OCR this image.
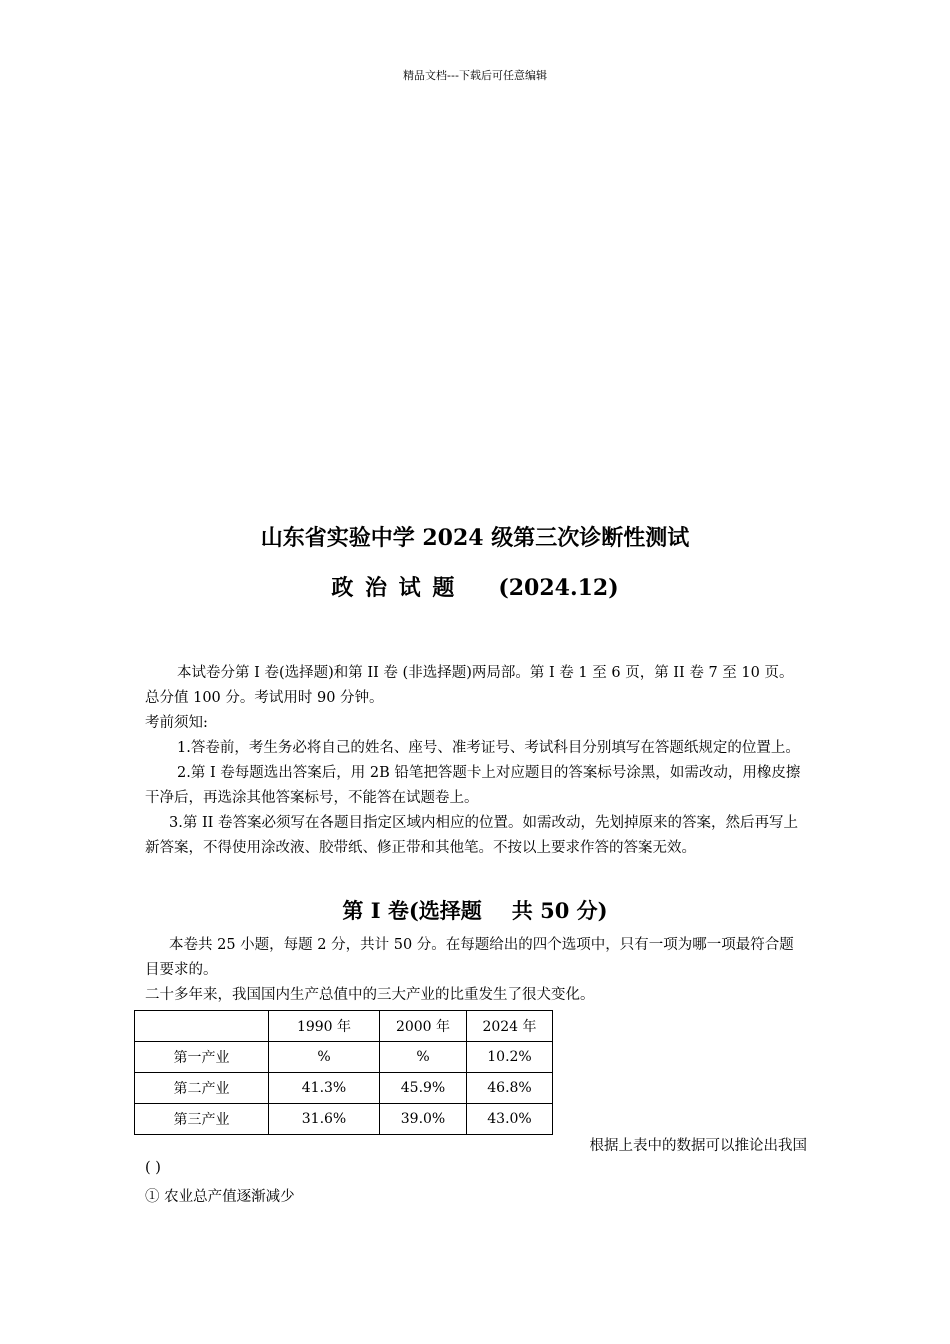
精品文档---下载后可任意编辑
山东省实验中学 2024 级第三次诊断性测试
政 治 试 题 (2024.12)

本试卷分第 I 卷(选择题)和第 II 卷 (非选择题)两局部。第 I 卷 1 至 6 页，第 II 卷 7 至 10 页。总分值 100 分。考试用时 90 分钟。

考前须知:

1.答卷前，考生务必将自己的姓名、座号、准考证号、考试科目分别填写在答题纸规定的位置上。

2.第 I 卷每题选出答案后，用 2B 铅笔把答题卡上对应题目的答案标号涂黑，如需改动，用橡皮擦干净后，再选涂其他答案标号，不能答在试题卷上。

3.第 II 卷答案必须写在各题目指定区域内相应的位置。如需改动，先划掉原来的答案，然后再写上新答案，不得使用涂改液、胶带纸、修正带和其他笔。不按以上要求作答的答案无效。

第 I 卷(选择题 共 50 分)

本卷共 25 小题，每题 2 分，共计 50 分。在每题给出的四个选项中，只有一项为哪一项最符合题目要求的。

二十多年来，我国国内生产总值中的三大产业的比重发生了很犬变化。

	1990 年	2000 年	2024 年
第一产业	%	%	10.2%
第二产业	41.3%	45.9%	46.8%
第三产业	31.6%	39.0%	43.0%
根据上表中的数据可以推论出我国
( )
① 农业总产值逐渐减少
